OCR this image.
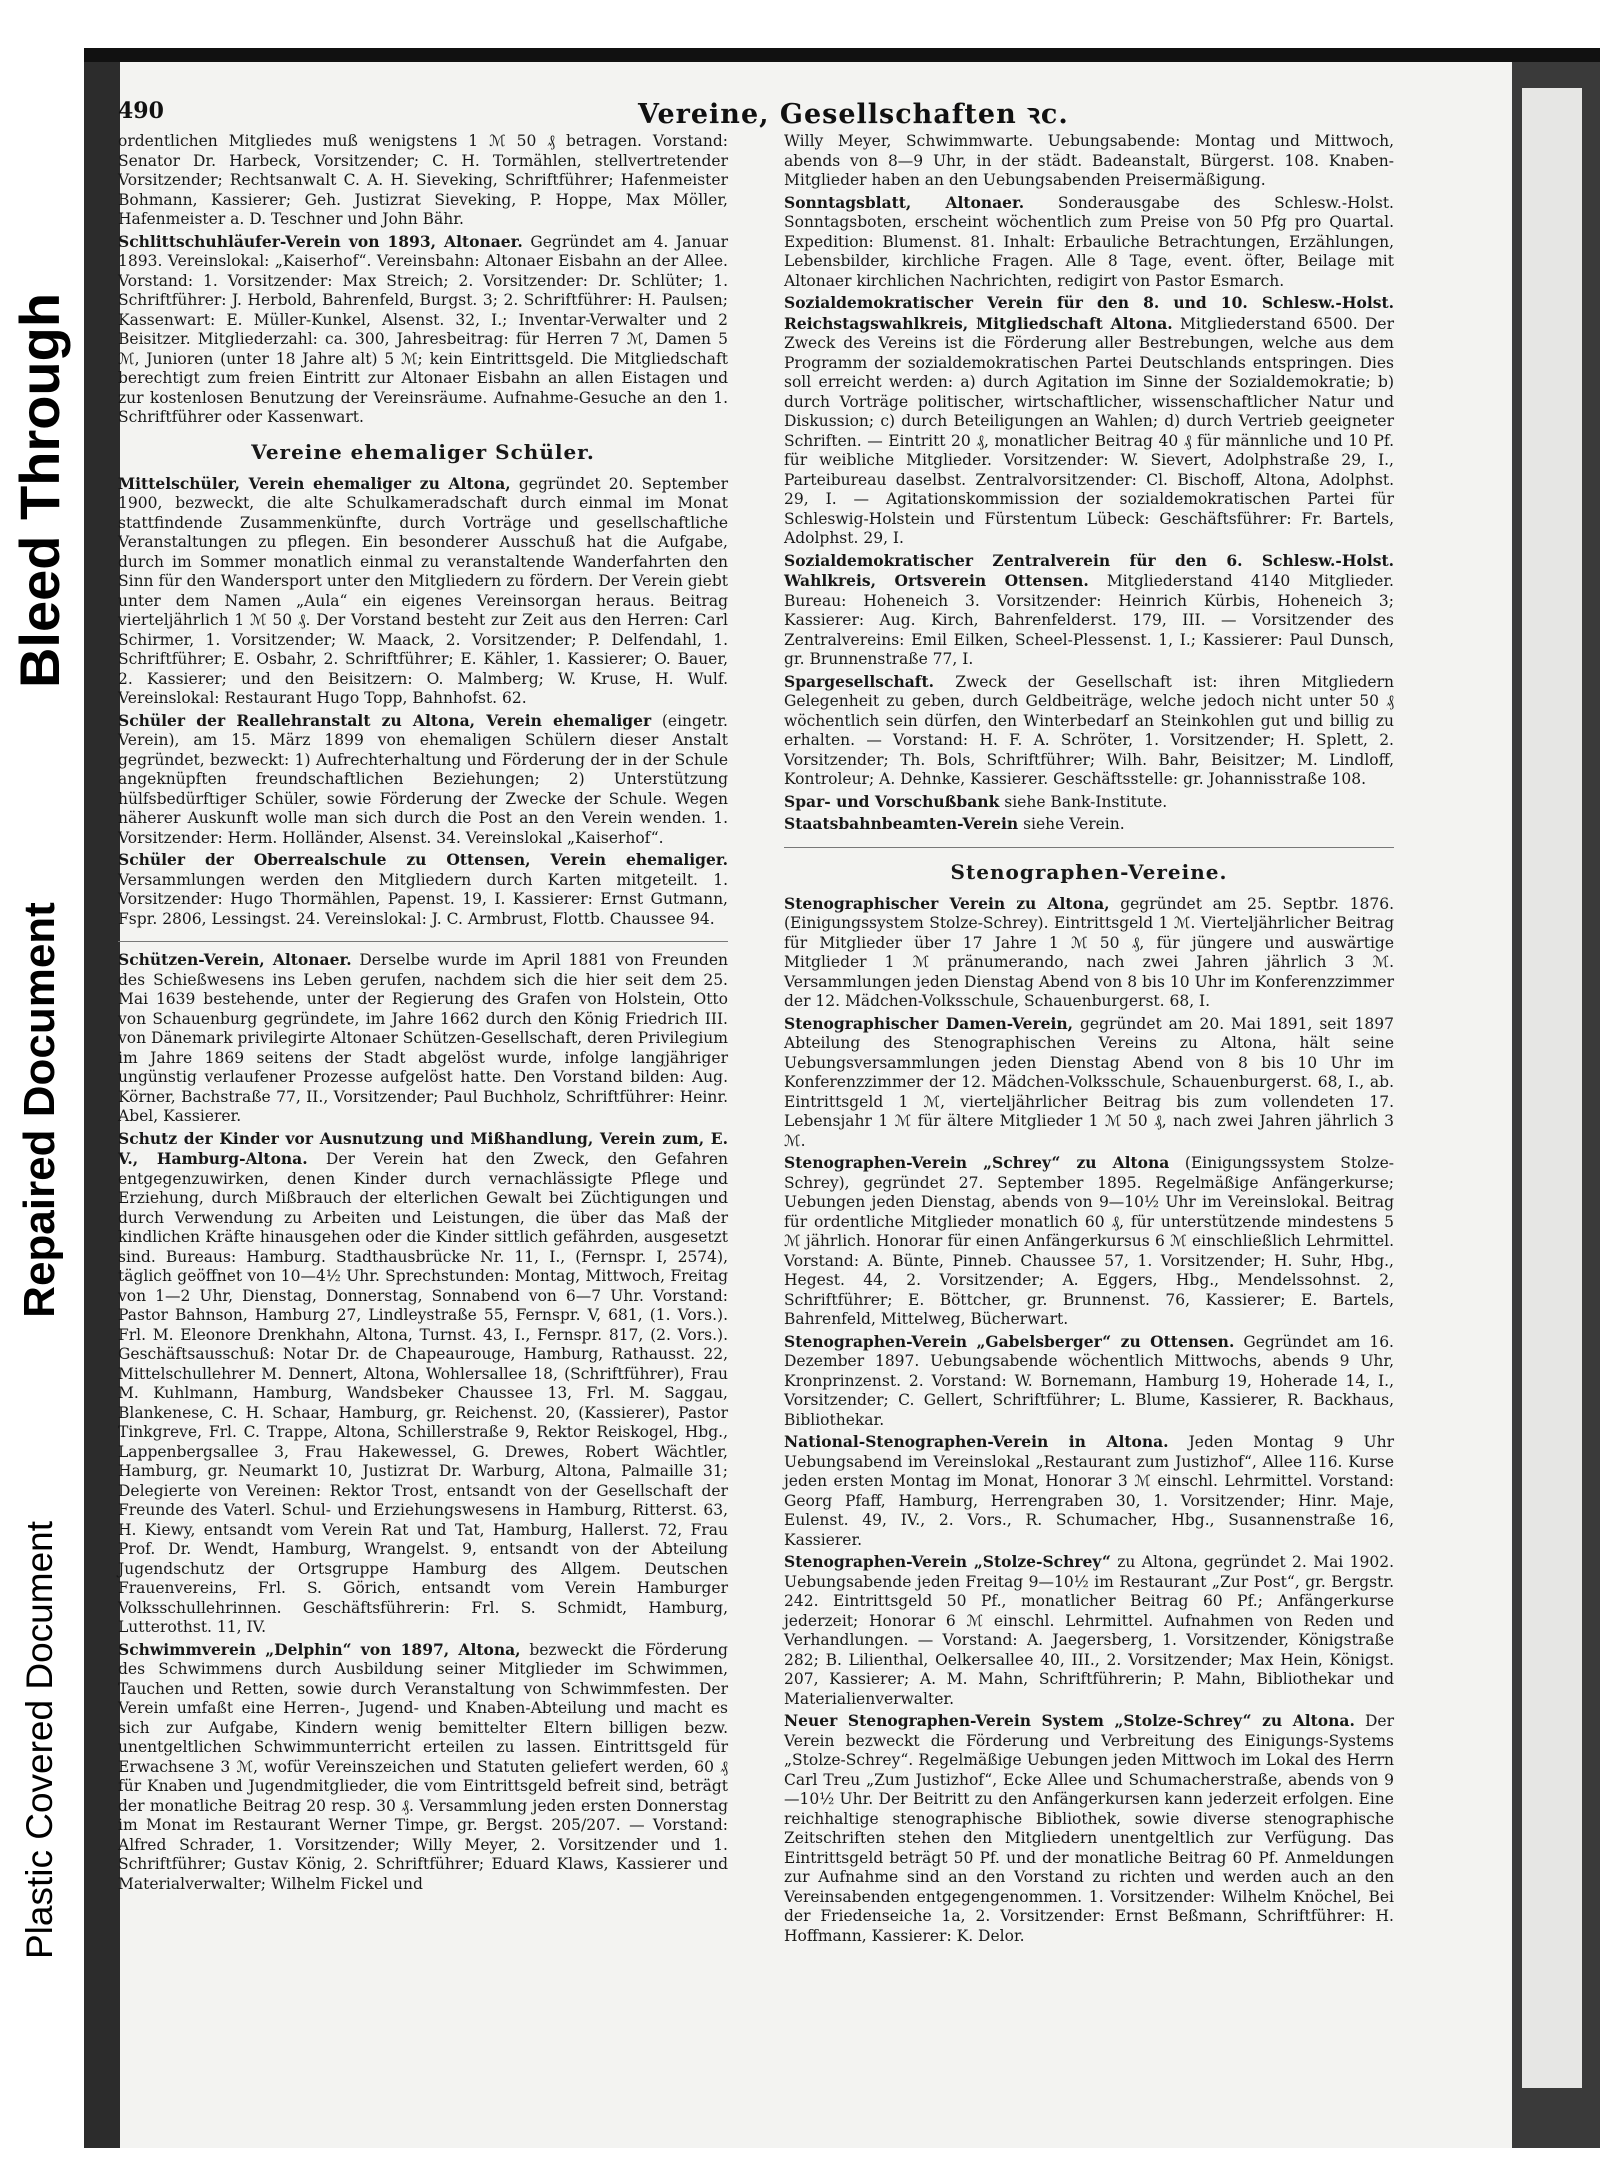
Bleed Through
Repaired Document
Plastic Covered Document
490	Vereine, Gesellschaften ꝛc.

ordentlichen Mitgliedes muß wenigstens 1 ℳ 50 ₰ betragen. Vorstand: Senator Dr. Harbeck, Vorsitzender; C. H. Tormählen, stellvertretender Vorsitzender; Rechtsanwalt C. A. H. Sieveking, Schriftführer; Hafenmeister Bohmann, Kassierer; Geh. Justizrat Sieveking, P. Hoppe, Max Möller, Hafenmeister a. D. Teschner und John Bähr.

Schlittschuhläufer-Verein von 1893, Altonaer. Gegründet am 4. Januar 1893. Vereinslokal: „Kaiserhof“. Vereinsbahn: Altonaer Eisbahn an der Allee. Vorstand: 1. Vorsitzender: Max Streich; 2. Vorsitzender: Dr. Schlüter; 1. Schriftführer: J. Herbold, Bahrenfeld, Burgst. 3; 2. Schriftführer: H. Paulsen; Kassenwart: E. Müller-Kunkel, Alsenst. 32, I.; Inventar-Verwalter und 2 Beisitzer. Mitgliederzahl: ca. 300, Jahresbeitrag: für Herren 7 ℳ, Damen 5 ℳ, Junioren (unter 18 Jahre alt) 5 ℳ; kein Eintrittsgeld. Die Mitgliedschaft berechtigt zum freien Eintritt zur Altonaer Eisbahn an allen Eistagen und zur kostenlosen Benutzung der Vereinsräume. Aufnahme-Gesuche an den 1. Schriftführer oder Kassenwart.

Vereine ehemaliger Schüler.

Mittelschüler, Verein ehemaliger zu Altona, gegründet 20. September 1900, bezweckt, die alte Schulkameradschaft durch einmal im Monat stattfindende Zusammenkünfte, durch Vorträge und gesellschaftliche Veranstaltungen zu pflegen. Ein besonderer Ausschuß hat die Aufgabe, durch im Sommer monatlich einmal zu veranstaltende Wanderfahrten den Sinn für den Wandersport unter den Mitgliedern zu fördern. Der Verein giebt unter dem Namen „Aula“ ein eigenes Vereinsorgan heraus. Beitrag vierteljährlich 1 ℳ 50 ₰. Der Vorstand besteht zur Zeit aus den Herren: Carl Schirmer, 1. Vorsitzender; W. Maack, 2. Vorsitzender; P. Delfendahl, 1. Schriftführer; E. Osbahr, 2. Schriftführer; E. Kähler, 1. Kassierer; O. Bauer, 2. Kassierer; und den Beisitzern: O. Malmberg; W. Kruse, H. Wulf. Vereinslokal: Restaurant Hugo Topp, Bahnhofst. 62.

Schüler der Reallehranstalt zu Altona, Verein ehemaliger (eingetr. Verein), am 15. März 1899 von ehemaligen Schülern dieser Anstalt gegründet, bezweckt: 1) Aufrechterhaltung und Förderung der in der Schule angeknüpften freundschaftlichen Beziehungen; 2) Unterstützung hülfsbedürftiger Schüler, sowie Förderung der Zwecke der Schule. Wegen näherer Auskunft wolle man sich durch die Post an den Verein wenden. 1. Vorsitzender: Herm. Holländer, Alsenst. 34. Vereinslokal „Kaiserhof“.

Schüler der Oberrealschule zu Ottensen, Verein ehemaliger. Versammlungen werden den Mitgliedern durch Karten mitgeteilt. 1. Vorsitzender: Hugo Thormählen, Papenst. 19, I. Kassierer: Ernst Gutmann, Fspr. 2806, Lessingst. 24. Vereinslokal: J. C. Armbrust, Flottb. Chaussee 94.

Schützen-Verein, Altonaer. Derselbe wurde im April 1881 von Freunden des Schießwesens ins Leben gerufen, nachdem sich die hier seit dem 25. Mai 1639 bestehende, unter der Regierung des Grafen von Holstein, Otto von Schauenburg gegründete, im Jahre 1662 durch den König Friedrich III. von Dänemark privilegirte Altonaer Schützen-Gesellschaft, deren Privilegium im Jahre 1869 seitens der Stadt abgelöst wurde, infolge langjähriger ungünstig verlaufener Prozesse aufgelöst hatte. Den Vorstand bilden: Aug. Körner, Bachstraße 77, II., Vorsitzender; Paul Buchholz, Schriftführer: Heinr. Abel, Kassierer.

Schutz der Kinder vor Ausnutzung und Mißhandlung, Verein zum, E. V., Hamburg-Altona. Der Verein hat den Zweck, den Gefahren entgegenzuwirken, denen Kinder durch vernachlässigte Pflege und Erziehung, durch Mißbrauch der elterlichen Gewalt bei Züchtigungen und durch Verwendung zu Arbeiten und Leistungen, die über das Maß der kindlichen Kräfte hinausgehen oder die Kinder sittlich gefährden, ausgesetzt sind. Bureaus: Hamburg. Stadthausbrücke Nr. 11, I., (Fernspr. I, 2574), täglich geöffnet von 10—4½ Uhr. Sprechstunden: Montag, Mittwoch, Freitag von 1—2 Uhr, Dienstag, Donnerstag, Sonnabend von 6—7 Uhr. Vorstand: Pastor Bahnson, Hamburg 27, Lindleystraße 55, Fernspr. V, 681, (1. Vors.). Frl. M. Eleonore Drenkhahn, Altona, Turnst. 43, I., Fernspr. 817, (2. Vors.). Geschäftsausschuß: Notar Dr. de Chapeaurouge, Hamburg, Rathausst. 22, Mittelschullehrer M. Dennert, Altona, Wohlersallee 18, (Schriftführer), Frau M. Kuhlmann, Hamburg, Wandsbeker Chaussee 13, Frl. M. Saggau, Blankenese, C. H. Schaar, Hamburg, gr. Reichenst. 20, (Kassierer), Pastor Tinkgreve, Frl. C. Trappe, Altona, Schillerstraße 9, Rektor Reiskogel, Hbg., Lappenbergsallee 3, Frau Hakewessel, G. Drewes, Robert Wächtler, Hamburg, gr. Neumarkt 10, Justizrat Dr. Warburg, Altona, Palmaille 31; Delegierte von Vereinen: Rektor Trost, entsandt von der Gesellschaft der Freunde des Vaterl. Schul- und Erziehungswesens in Hamburg, Ritterst. 63, H. Kiewy, entsandt vom Verein Rat und Tat, Hamburg, Hallerst. 72, Frau Prof. Dr. Wendt, Hamburg, Wrangelst. 9, entsandt von der Abteilung Jugendschutz der Ortsgruppe Hamburg des Allgem. Deutschen Frauenvereins, Frl. S. Görich, entsandt vom Verein Hamburger Volksschullehrinnen. Geschäftsführerin: Frl. S. Schmidt, Hamburg, Lutterothst. 11, IV.

Schwimmverein „Delphin“ von 1897, Altona, bezweckt die Förderung des Schwimmens durch Ausbildung seiner Mitglieder im Schwimmen, Tauchen und Retten, sowie durch Veranstaltung von Schwimmfesten. Der Verein umfaßt eine Herren-, Jugend- und Knaben-Abteilung und macht es sich zur Aufgabe, Kindern wenig bemittelter Eltern billigen bezw. unentgeltlichen Schwimmunterricht erteilen zu lassen. Eintrittsgeld für Erwachsene 3 ℳ, wofür Vereinszeichen und Statuten geliefert werden, 60 ₰ für Knaben und Jugendmitglieder, die vom Eintrittsgeld befreit sind, beträgt der monatliche Beitrag 20 resp. 30 ₰. Versammlung jeden ersten Donnerstag im Monat im Restaurant Werner Timpe, gr. Bergst. 205/207. — Vorstand: Alfred Schrader, 1. Vorsitzender; Willy Meyer, 2. Vorsitzender und 1. Schriftführer; Gustav König, 2. Schriftführer; Eduard Klaws, Kassierer und Materialverwalter; Wilhelm Fickel und

Willy Meyer, Schwimmwarte. Uebungsabende: Montag und Mittwoch, abends von 8—9 Uhr, in der städt. Badeanstalt, Bürgerst. 108. Knaben-Mitglieder haben an den Uebungsabenden Preisermäßigung.

Sonntagsblatt, Altonaer. Sonderausgabe des Schlesw.-Holst. Sonntagsboten, erscheint wöchentlich zum Preise von 50 Pfg pro Quartal. Expedition: Blumenst. 81. Inhalt: Erbauliche Betrachtungen, Erzählungen, Lebensbilder, kirchliche Fragen. Alle 8 Tage, event. öfter, Beilage mit Altonaer kirchlichen Nachrichten, redigirt von Pastor Esmarch.

Sozialdemokratischer Verein für den 8. und 10. Schlesw.-Holst. Reichstagswahlkreis, Mitgliedschaft Altona. Mitgliederstand 6500. Der Zweck des Vereins ist die Förderung aller Bestrebungen, welche aus dem Programm der sozialdemokratischen Partei Deutschlands entspringen. Dies soll erreicht werden: a) durch Agitation im Sinne der Sozialdemokratie; b) durch Vorträge politischer, wirtschaftlicher, wissenschaftlicher Natur und Diskussion; c) durch Beteiligungen an Wahlen; d) durch Vertrieb geeigneter Schriften. — Eintritt 20 ₰, monatlicher Beitrag 40 ₰ für männliche und 10 Pf. für weibliche Mitglieder. Vorsitzender: W. Sievert, Adolphstraße 29, I., Parteibureau daselbst. Zentralvorsitzender: Cl. Bischoff, Altona, Adolphst. 29, I. — Agitationskommission der sozialdemokratischen Partei für Schleswig-Holstein und Fürstentum Lübeck: Geschäftsführer: Fr. Bartels, Adolphst. 29, I.

Sozialdemokratischer Zentralverein für den 6. Schlesw.-Holst. Wahlkreis, Ortsverein Ottensen. Mitgliederstand 4140 Mitglieder. Bureau: Hoheneich 3. Vorsitzender: Heinrich Kürbis, Hoheneich 3; Kassierer: Aug. Kirch, Bahrenfelderst. 179, III. — Vorsitzender des Zentralvereins: Emil Eilken, Scheel-Plessenst. 1, I.; Kassierer: Paul Dunsch, gr. Brunnenstraße 77, I.

Spargesellschaft. Zweck der Gesellschaft ist: ihren Mitgliedern Gelegenheit zu geben, durch Geldbeiträge, welche jedoch nicht unter 50 ₰ wöchentlich sein dürfen, den Winterbedarf an Steinkohlen gut und billig zu erhalten. — Vorstand: H. F. A. Schröter, 1. Vorsitzender; H. Splett, 2. Vorsitzender; Th. Bols, Schriftführer; Wilh. Bahr, Beisitzer; M. Lindloff, Kontroleur; A. Dehnke, Kassierer. Geschäftsstelle: gr. Johannisstraße 108.

Spar- und Vorschußbank siehe Bank-Institute.

Staatsbahnbeamten-Verein siehe Verein.

Stenographen-Vereine.

Stenographischer Verein zu Altona, gegründet am 25. Septbr. 1876. (Einigungssystem Stolze-Schrey). Eintrittsgeld 1 ℳ. Vierteljährlicher Beitrag für Mitglieder über 17 Jahre 1 ℳ 50 ₰, für jüngere und auswärtige Mitglieder 1 ℳ pränumerando, nach zwei Jahren jährlich 3 ℳ. Versammlungen jeden Dienstag Abend von 8 bis 10 Uhr im Konferenzzimmer der 12. Mädchen-Volksschule, Schauenburgerst. 68, I.

Stenographischer Damen-Verein, gegründet am 20. Mai 1891, seit 1897 Abteilung des Stenographischen Vereins zu Altona, hält seine Uebungsversammlungen jeden Dienstag Abend von 8 bis 10 Uhr im Konferenzzimmer der 12. Mädchen-Volksschule, Schauenburgerst. 68, I., ab. Eintrittsgeld 1 ℳ, vierteljährlicher Beitrag bis zum vollendeten 17. Lebensjahr 1 ℳ für ältere Mitglieder 1 ℳ 50 ₰, nach zwei Jahren jährlich 3 ℳ.

Stenographen-Verein „Schrey“ zu Altona (Einigungssystem Stolze-Schrey), gegründet 27. September 1895. Regelmäßige Anfängerkurse; Uebungen jeden Dienstag, abends von 9—10½ Uhr im Vereinslokal. Beitrag für ordentliche Mitglieder monatlich 60 ₰, für unterstützende mindestens 5 ℳ jährlich. Honorar für einen Anfängerkursus 6 ℳ einschließlich Lehrmittel. Vorstand: A. Bünte, Pinneb. Chaussee 57, 1. Vorsitzender; H. Suhr, Hbg., Hegest. 44, 2. Vorsitzender; A. Eggers, Hbg., Mendelssohnst. 2, Schriftführer; E. Böttcher, gr. Brunnenst. 76, Kassierer; E. Bartels, Bahrenfeld, Mittelweg, Bücherwart.

Stenographen-Verein „Gabelsberger“ zu Ottensen. Gegründet am 16. Dezember 1897. Uebungsabende wöchentlich Mittwochs, abends 9 Uhr, Kronprinzenst. 2. Vorstand: W. Bornemann, Hamburg 19, Hoherade 14, I., Vorsitzender; C. Gellert, Schriftführer; L. Blume, Kassierer, R. Backhaus, Bibliothekar.

National-Stenographen-Verein in Altona. Jeden Montag 9 Uhr Uebungsabend im Vereinslokal „Restaurant zum Justizhof“, Allee 116. Kurse jeden ersten Montag im Monat, Honorar 3 ℳ einschl. Lehrmittel. Vorstand: Georg Pfaff, Hamburg, Herrengraben 30, 1. Vorsitzender; Hinr. Maje, Eulenst. 49, IV., 2. Vors., R. Schumacher, Hbg., Susannenstraße 16, Kassierer.

Stenographen-Verein „Stolze-Schrey“ zu Altona, gegründet 2. Mai 1902. Uebungsabende jeden Freitag 9—10½ im Restaurant „Zur Post“, gr. Bergstr. 242. Eintrittsgeld 50 Pf., monatlicher Beitrag 60 Pf.; Anfängerkurse jederzeit; Honorar 6 ℳ einschl. Lehrmittel. Aufnahmen von Reden und Verhandlungen. — Vorstand: A. Jaegersberg, 1. Vorsitzender, Königstraße 282; B. Lilienthal, Oelkersallee 40, III., 2. Vorsitzender; Max Hein, Königst. 207, Kassierer; A. M. Mahn, Schriftführerin; P. Mahn, Bibliothekar und Materialienverwalter.

Neuer Stenographen-Verein System „Stolze-Schrey“ zu Altona. Der Verein bezweckt die Förderung und Verbreitung des Einigungs-Systems „Stolze-Schrey“. Regelmäßige Uebungen jeden Mittwoch im Lokal des Herrn Carl Treu „Zum Justizhof“, Ecke Allee und Schumacherstraße, abends von 9—10½ Uhr. Der Beitritt zu den Anfängerkursen kann jederzeit erfolgen. Eine reichhaltige stenographische Bibliothek, sowie diverse stenographische Zeitschriften stehen den Mitgliedern unentgeltlich zur Verfügung. Das Eintrittsgeld beträgt 50 Pf. und der monatliche Beitrag 60 Pf. Anmeldungen zur Aufnahme sind an den Vorstand zu richten und werden auch an den Vereinsabenden entgegengenommen. 1. Vorsitzender: Wilhelm Knöchel, Bei der Friedenseiche 1a, 2. Vorsitzender: Ernst Beßmann, Schriftführer: H. Hoffmann, Kassierer: K. Delor.
